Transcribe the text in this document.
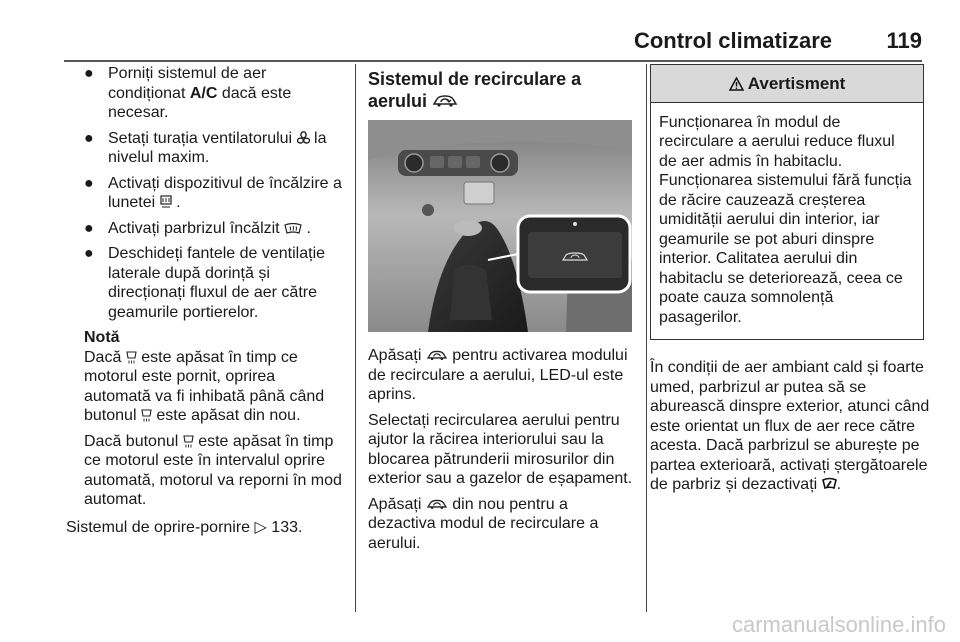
Control climatizare 119
● Porniți sistemul de aer condiționat A/C dacă este necesar.
● Setați turația ventilatorului la nivelul maxim.
● Activați dispozitivul de încălzire a lunetei .
● Activați parbrizul încălzit .
● Deschideți fantele de ventilație laterale după dorință și direcționați fluxul de aer către geamurile portierelor.
Notă

Dacă este apăsat în timp ce motorul este pornit, oprirea automată va fi inhibată până când butonul este apăsat din nou.

Dacă butonul este apăsat în timp ce motorul este în intervalul oprire automată, motorul va reporni în mod automat.

Sistemul de oprire-pornire ▷ 133.

Sistemul de recirculare a aerului

Apăsați pentru activarea modului de recirculare a aerului, LED-ul este aprins.

Selectați recircularea aerului pentru ajutor la răcirea interiorului sau la blocarea pătrunderii mirosurilor din exterior sau a gazelor de eșapament.

Apăsați din nou pentru a dezactiva modul de recirculare a aerului.

Avertisment
Funcționarea în modul de recirculare a aerului reduce fluxul de aer admis în habitaclu. Funcționarea sistemului fără funcția de răcire cauzează creșterea umidității aerului din interior, iar geamurile se pot aburi dinspre interior. Calitatea aerului din habitaclu se deteriorează, ceea ce poate cauza somnolență pasagerilor.

În condiții de aer ambiant cald și foarte umed, parbrizul ar putea să se aburească dinspre exterior, atunci când este orientat un flux de aer rece către acesta. Dacă parbrizul se aburește pe partea exterioară, activați ștergătoarele de parbriz și dezactivați .

carmanualsonline.info
